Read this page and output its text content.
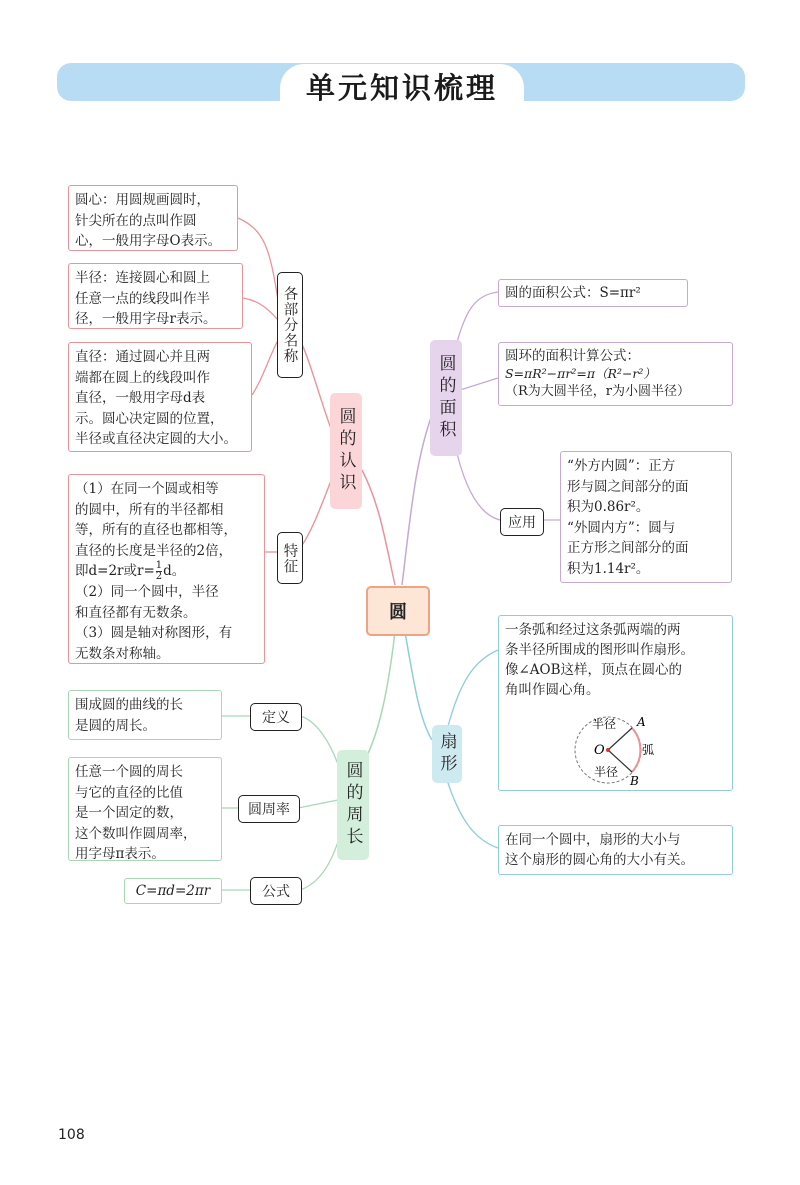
单元知识梳理
圆
圆的认识
圆的面积
扇形
圆的周长
各部分名称
特征
圆心：用圆规画圆时，
针尖所在的点叫作圆
心，一般用字母O表示。
半径：连接圆心和圆上
任意一点的线段叫作半
径，一般用字母r表示。
直径：通过圆心并且两
端都在圆上的线段叫作
直径，一般用字母d表
示。圆心决定圆的位置，
半径或直径决定圆的大小。
（1）在同一个圆或相等
的圆中，所有的半径都相
等，所有的直径也都相等，
直径的长度是半径的2倍，
即d=2r或$r= \frac{1}{2}$ d。
（2）同一个圆中，半径
和直径都有无数条。
（3）圆是轴对称图形，有
无数条对称轴。
定义
圆周率
公式
围成圆的曲线的长
是圆的周长。
任意一个圆的周长
与它的直径的比值
是一个固定的数，
这个数叫作圆周率，
用字母π表示。
C=πd=2πr
圆的面积公式：S=πr²
圆环的面积计算公式：
S=πR²−πr²=π（R²−r²）
（R为大圆半径，r为小圆半径）
应用
“外方内圆”：正方
形与圆之间部分的面
积为0.86r²。
“外圆内方”：圆与
正方形之间部分的面
积为1.14r²。
一条弧和经过这条弧两端的两
条半径所围成的图形叫作扇形。
像∠AOB这样，顶点在圆心的
角叫作圆心角。
半径
半径
O
A
B
弧
在同一个圆中，扇形的大小与
这个扇形的圆心角的大小有关。
108
